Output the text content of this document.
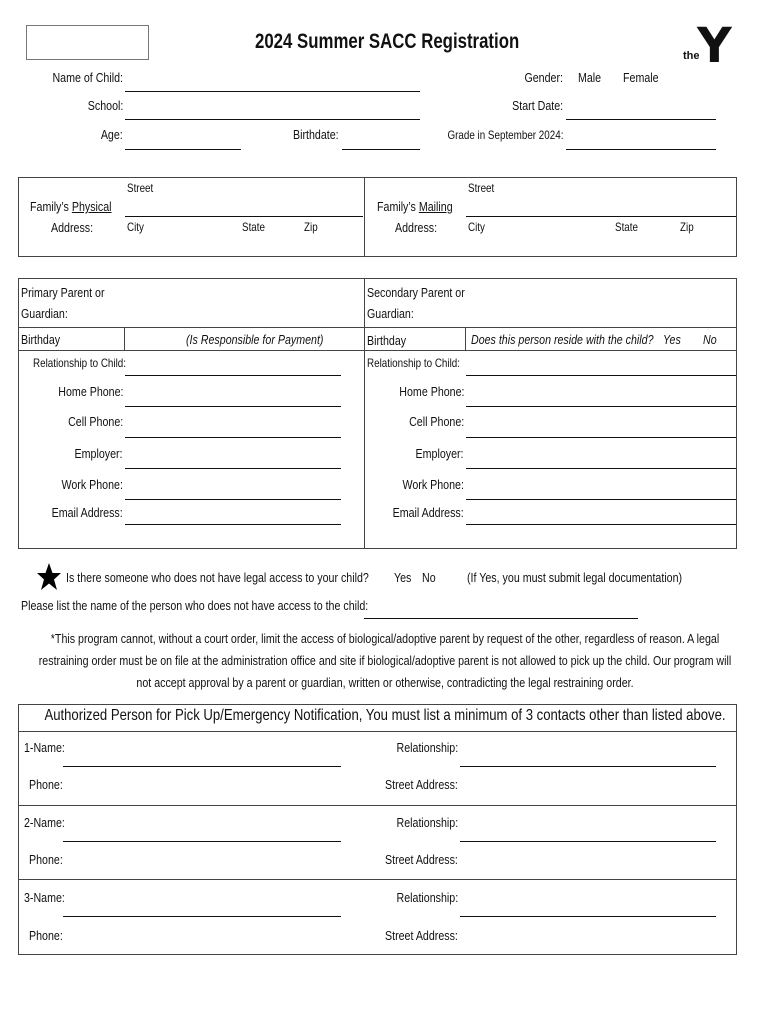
2024 Summer SACC Registration
the
Y
Name of Child:
School:
Age:	Birthdate:
Gender: Male Female
Start Date:
Grade in September 2024:
Street
Family’s Physical
Address:	City	State	Zip
Street
Family’s Mailing
Address:	City	State	Zip
Primary Parent or
Guardian:
Birthday	(Is Responsible for Payment)
Secondary Parent or
Guardian:
Birthday	Does this person reside with the child? Yes No
Relationship to Child:
Home Phone:
Cell Phone:
Employer:
Work Phone:
Email Address:
Relationship to Child:
Home Phone:
Cell Phone:
Employer:
Work Phone:
Email Address:
Is there someone who does not have legal access to your child? Yes No (If Yes, you must submit legal documentation)
Please list the name of the person who does not have access to the child:
*This program cannot, without a court order, limit the access of biological/adoptive parent by request of the other, regardless of reason. A legal
restraining order must be on file at the administration office and site if biological/adoptive parent is not allowed to pick up the child. Our program will
not accept approval by a parent or guardian, written or otherwise, contradicting the legal restraining order.
Authorized Person for Pick Up/Emergency Notification, You must list a minimum of 3 contacts other than listed above.
1-Name:	Relationship:
Phone:	Street Address:
2-Name:	Relationship:
Phone:	Street Address:
3-Name:	Relationship:
Phone:	Street Address:
